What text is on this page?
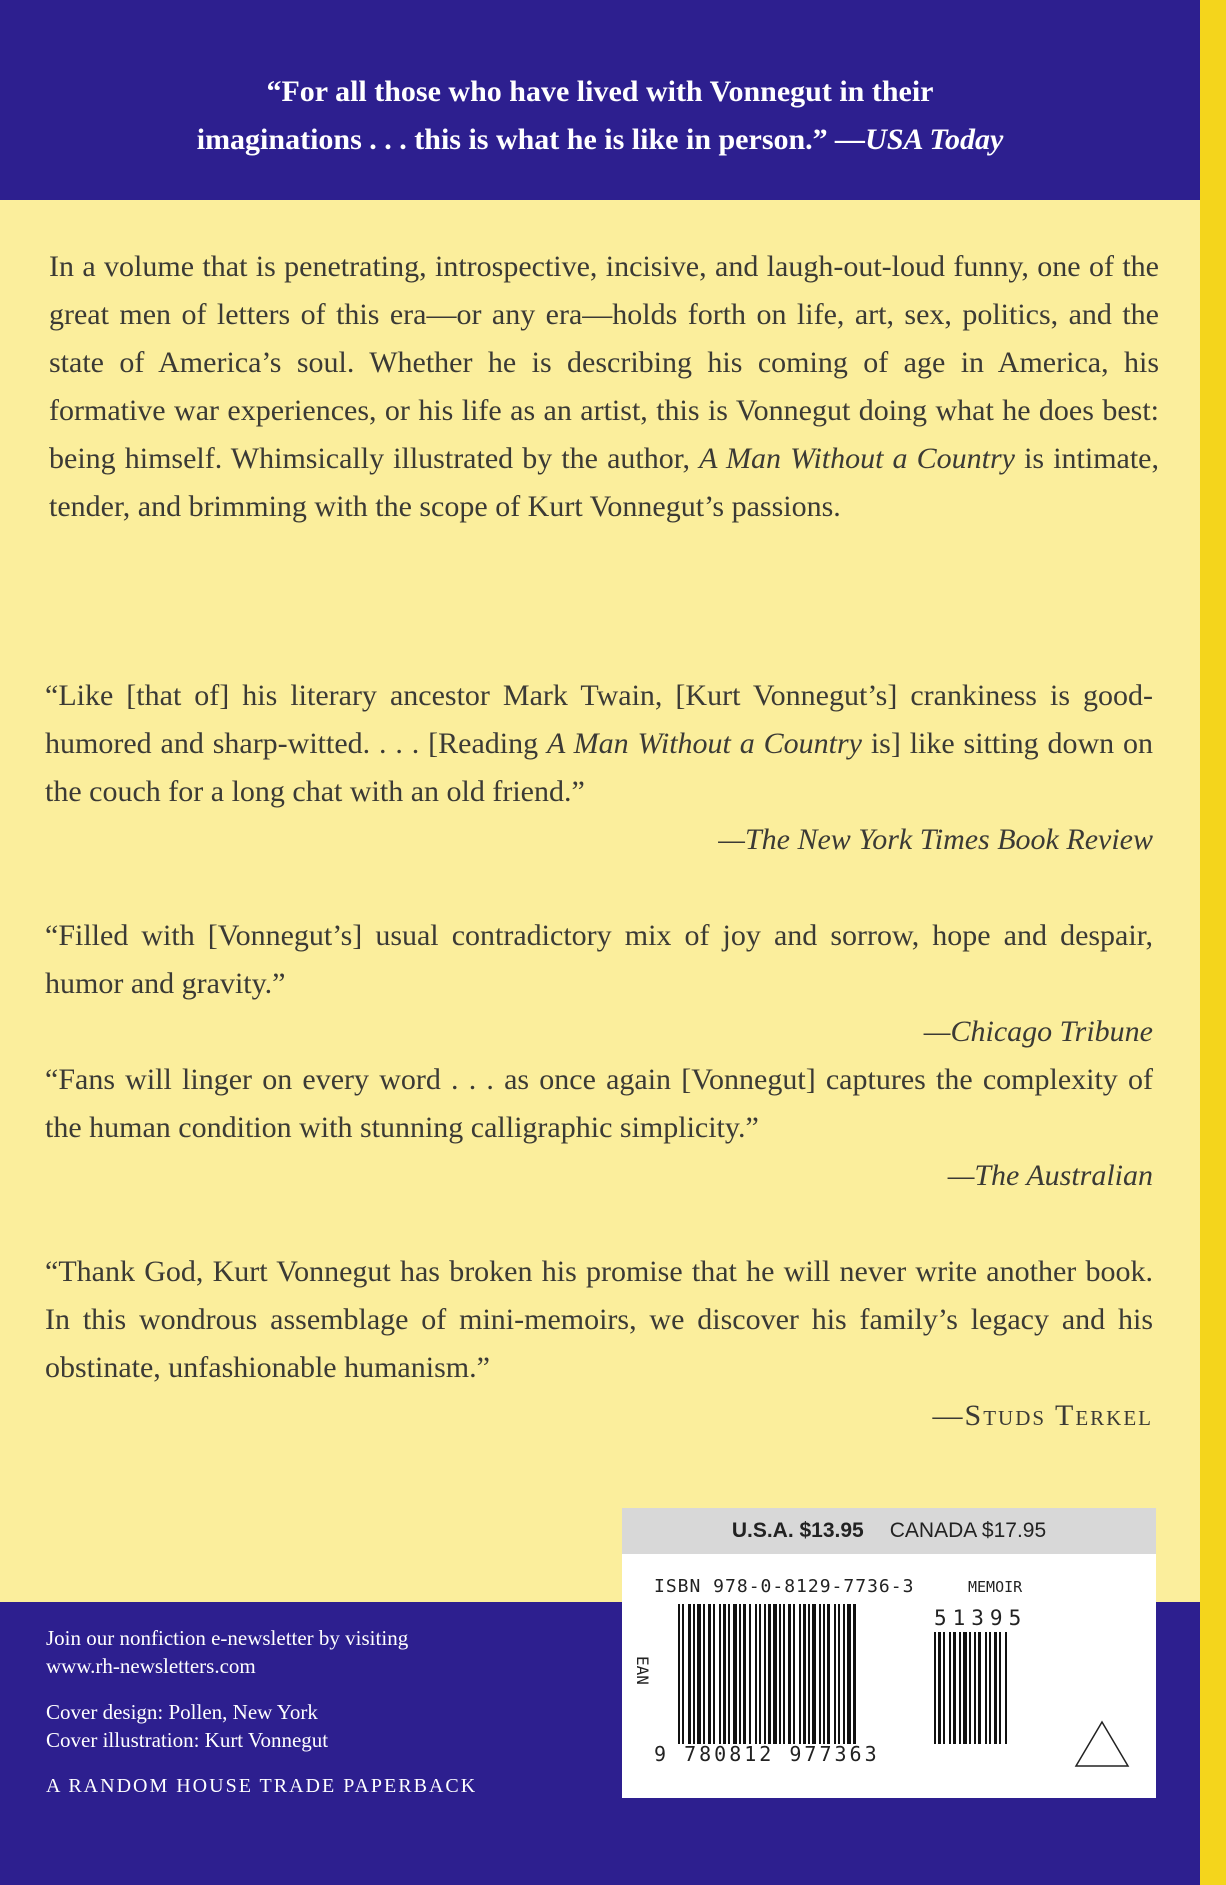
“For all those who have lived with Vonnegut in their
imaginations . . . this is what he is like in person.” —USA Today
In a volume that is penetrating, introspective, incisive, and laugh-out-loud funny, one of the great men of letters of this era—or any era—holds forth on life, art, sex, politics, and the state of America’s soul. Whether he is describing his coming of age in America, his formative war experiences, or his life as an artist, this is Vonnegut doing what he does best: being himself. Whimsically illustrated by the author, A Man Without a Country is intimate, tender, and brimming with the scope of Kurt Vonnegut’s passions.
“Like [that of] his literary ancestor Mark Twain, [Kurt Vonnegut’s] crankiness is good-humored and sharp-witted. . . . [Reading A Man Without a Country is] like sitting down on the couch for a long chat with an old friend.”
—The New York Times Book Review
“Filled with [Vonnegut’s] usual contradictory mix of joy and sorrow, hope and despair, humor and gravity.”
—Chicago Tribune
“Fans will linger on every word . . . as once again [Vonnegut] captures the complexity of the human condition with stunning calligraphic simplicity.”
—The Australian
“Thank God, Kurt Vonnegut has broken his promise that he will never write another book. In this wondrous assemblage of mini-memoirs, we discover his family’s legacy and his obstinate, unfashionable humanism.”
—Studs Terkel
Join our nonfiction e-newsletter by visiting
www.rh-newsletters.com
Cover design: Pollen, New York
Cover illustration: Kurt Vonnegut
A RANDOM HOUSE TRADE PAPERBACK
U.S.A. $13.95 CANADA $17.95
ISBN 978-0-8129-7736-3	MEMOIR
EAN
51395
9 780812 977363
